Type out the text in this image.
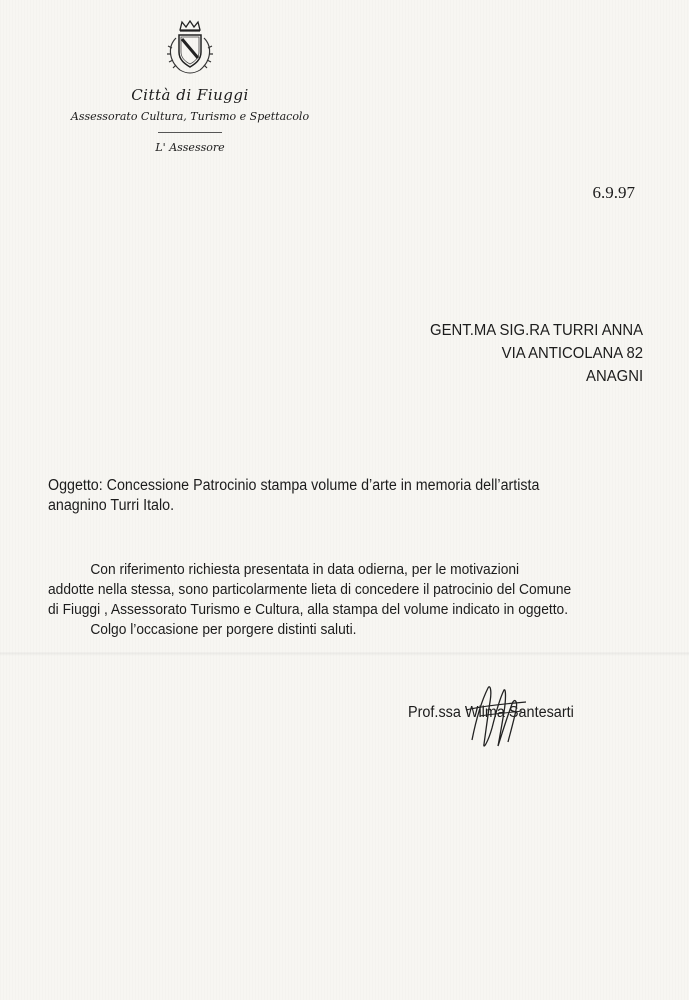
Città di Fiuggi
Assessorato Cultura, Turismo e Spettacolo
L' Assessore
6.9.97
GENT.MA SIG.RA TURRI ANNA
VIA ANTICOLANA 82
ANAGNI
Oggetto: Concessione Patrocinio stampa volume d’arte in memoria dell’artista
anagnino Turri Italo.

Con riferimento richiesta presentata in data odierna, per le motivazioni

addotte nella stessa, sono particolarmente lieta di concedere il patrocinio del Comune

di Fiuggi , Assessorato Turismo e Cultura, alla stampa del volume indicato in oggetto.

Colgo l’occasione per porgere distinti saluti.

Prof.ssa Wilma Santesarti
